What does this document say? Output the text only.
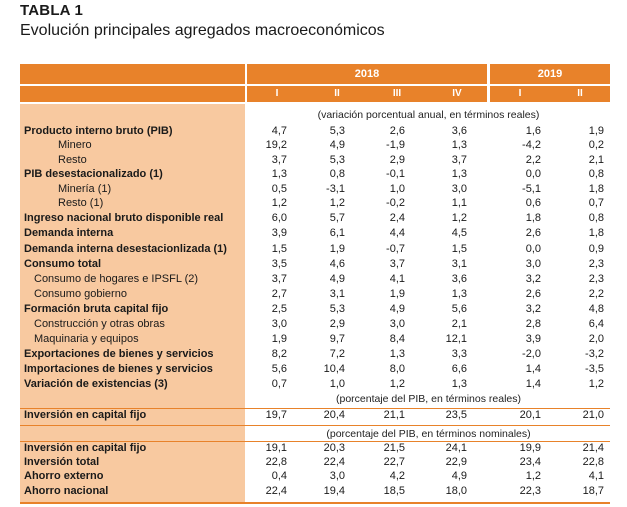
TABLA 1
Evolución principales agregados macroeconómicos
2018	2019
I	II	III	IV	I	II
(variación porcentual anual, en términos reales)
(porcentaje del PIB, en términos reales)
(porcentaje del PIB, en términos nominales)
Producto interno bruto (PIB)	4,7	5,3	2,6	3,6	1,6	1,9
Minero	19,2	4,9	-1,9	1,3	-4,2	0,2
Resto	3,7	5,3	2,9	3,7	2,2	2,1
PIB desestacionalizado (1)	1,3	0,8	-0,1	1,3	0,0	0,8
Minería (1)	0,5	-3,1	1,0	3,0	-5,1	1,8
Resto (1)	1,2	1,2	-0,2	1,1	0,6	0,7
Ingreso nacional bruto disponible real	6,0	5,7	2,4	1,2	1,8	0,8
Demanda interna	3,9	6,1	4,4	4,5	2,6	1,8
Demanda interna desestacionlizada (1)	1,5	1,9	-0,7	1,5	0,0	0,9
Consumo total	3,5	4,6	3,7	3,1	3,0	2,3
Consumo de hogares e IPSFL (2)	3,7	4,9	4,1	3,6	3,2	2,3
Consumo gobierno	2,7	3,1	1,9	1,3	2,6	2,2
Formación bruta capital fijo	2,5	5,3	4,9	5,6	3,2	4,8
Construcción y otras obras	3,0	2,9	3,0	2,1	2,8	6,4
Maquinaria y equipos	1,9	9,7	8,4	12,1	3,9	2,0
Exportaciones de bienes y servicios	8,2	7,2	1,3	3,3	-2,0	-3,2
Importaciones de bienes y servicios	5,6	10,4	8,0	6,6	1,4	-3,5
Variación de existencias (3)	0,7	1,0	1,2	1,3	1,4	1,2
Inversión en capital fijo	19,7	20,4	21,1	23,5	20,1	21,0
Inversión en capital fijo	19,1	20,3	21,5	24,1	19,9	21,4
Inversión total	22,8	22,4	22,7	22,9	23,4	22,8
Ahorro externo	0,4	3,0	4,2	4,9	1,2	4,1
Ahorro nacional	22,4	19,4	18,5	18,0	22,3	18,7
